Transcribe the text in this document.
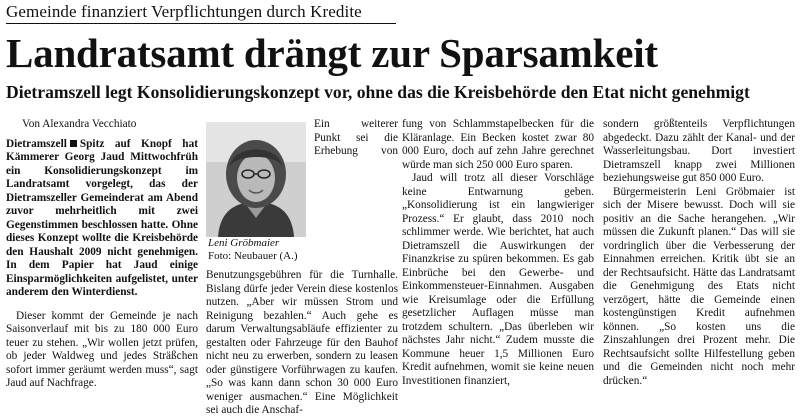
Gemeinde finanziert Verpflichtungen durch Kredite
Landratsamt drängt zur Sparsamkeit
Dietramszell legt Konsolidierungskonzept vor, ohne das die Kreisbehörde den Etat nicht genehmigt

Von Alexandra Vecchiato

Dietramszell Spitz auf Knopf hat Kämmerer Georg Jaud Mittwochfrüh ein Konsolidierungskonzept im Landratsamt vorgelegt, das der Dietramszeller Gemeinderat am Abend zuvor mehrheitlich mit zwei Gegenstimmen beschlossen hatte. Ohne dieses Konzept wollte die Kreisbehörde den Haushalt 2009 nicht genehmigen. In dem Papier hat Jaud einige Einsparmöglichkeiten aufgelistet, unter anderem den Winterdienst.

Dieser kommt der Gemeinde je nach Saisonverlauf mit bis zu 180 000 Euro teuer zu stehen. „Wir wollen jetzt prüfen, ob jeder Waldweg und jedes Sträßchen sofort immer geräumt werden muss“, sagt Jaud auf Nachfrage.

Leni Gröbmaier
Foto: Neubauer (A.)

Ein weiterer Punkt sei die Erhebung von Benutzungsgebühren für die Turnhalle. Bislang dürfe jeder Verein diese kostenlos nutzen. „Aber wir müssen Strom und Reinigung bezahlen.“ Auch gehe es darum Verwaltungsabläufe effizienter zu gestalten oder Fahrzeuge für den Bauhof nicht neu zu erwerben, sondern zu leasen oder günstigere Vorführwagen zu kaufen. „So was kann dann schon 30 000 Euro weniger ausmachen.“ Eine Möglichkeit sei auch die Anschaf-

fung von Schlammstapelbecken für die Kläranlage. Ein Becken kostet zwar 80 000 Euro, doch auf zehn Jahre gerechnet würde man sich 250 000 Euro sparen.

Jaud will trotz all dieser Vorschläge keine Entwarnung geben. „Konsolidierung ist ein langwieriger Prozess.“ Er glaubt, dass 2010 noch schlimmer werde. Wie berichtet, hat auch Dietramszell die Auswirkungen der Finanzkrise zu spüren bekommen. Es gab Einbrüche bei den Gewerbe- und Einkommensteuer-Einnahmen. Ausgaben wie Kreisumlage oder die Erfüllung gesetzlicher Auflagen müsse man trotzdem schultern. „Das überleben wir nächstes Jahr nicht.“ Zudem musste die Kommune heuer 1,5 Millionen Euro Kredit aufnehmen, womit sie keine neuen Investitionen finanziert,

sondern größtenteils Verpflichtungen abgedeckt. Dazu zählt der Kanal- und der Wasserleitungsbau. Dort investiert Dietramszell knapp zwei Millionen beziehungsweise gut 850 000 Euro.

Bürgermeisterin Leni Gröbmaier ist sich der Misere bewusst. Doch will sie positiv an die Sache herangehen. „Wir müssen die Zukunft planen.“ Das will sie vordringlich über die Verbesserung der Einnahmen erreichen. Kritik übt sie an der Rechtsaufsicht. Hätte das Landratsamt die Genehmigung des Etats nicht verzögert, hätte die Gemeinde einen kostengünstigen Kredit aufnehmen können. „So kosten uns die Zinszahlungen drei Prozent mehr. Die Rechtsaufsicht sollte Hilfestellung geben und die Gemeinden nicht noch mehr drücken.“
